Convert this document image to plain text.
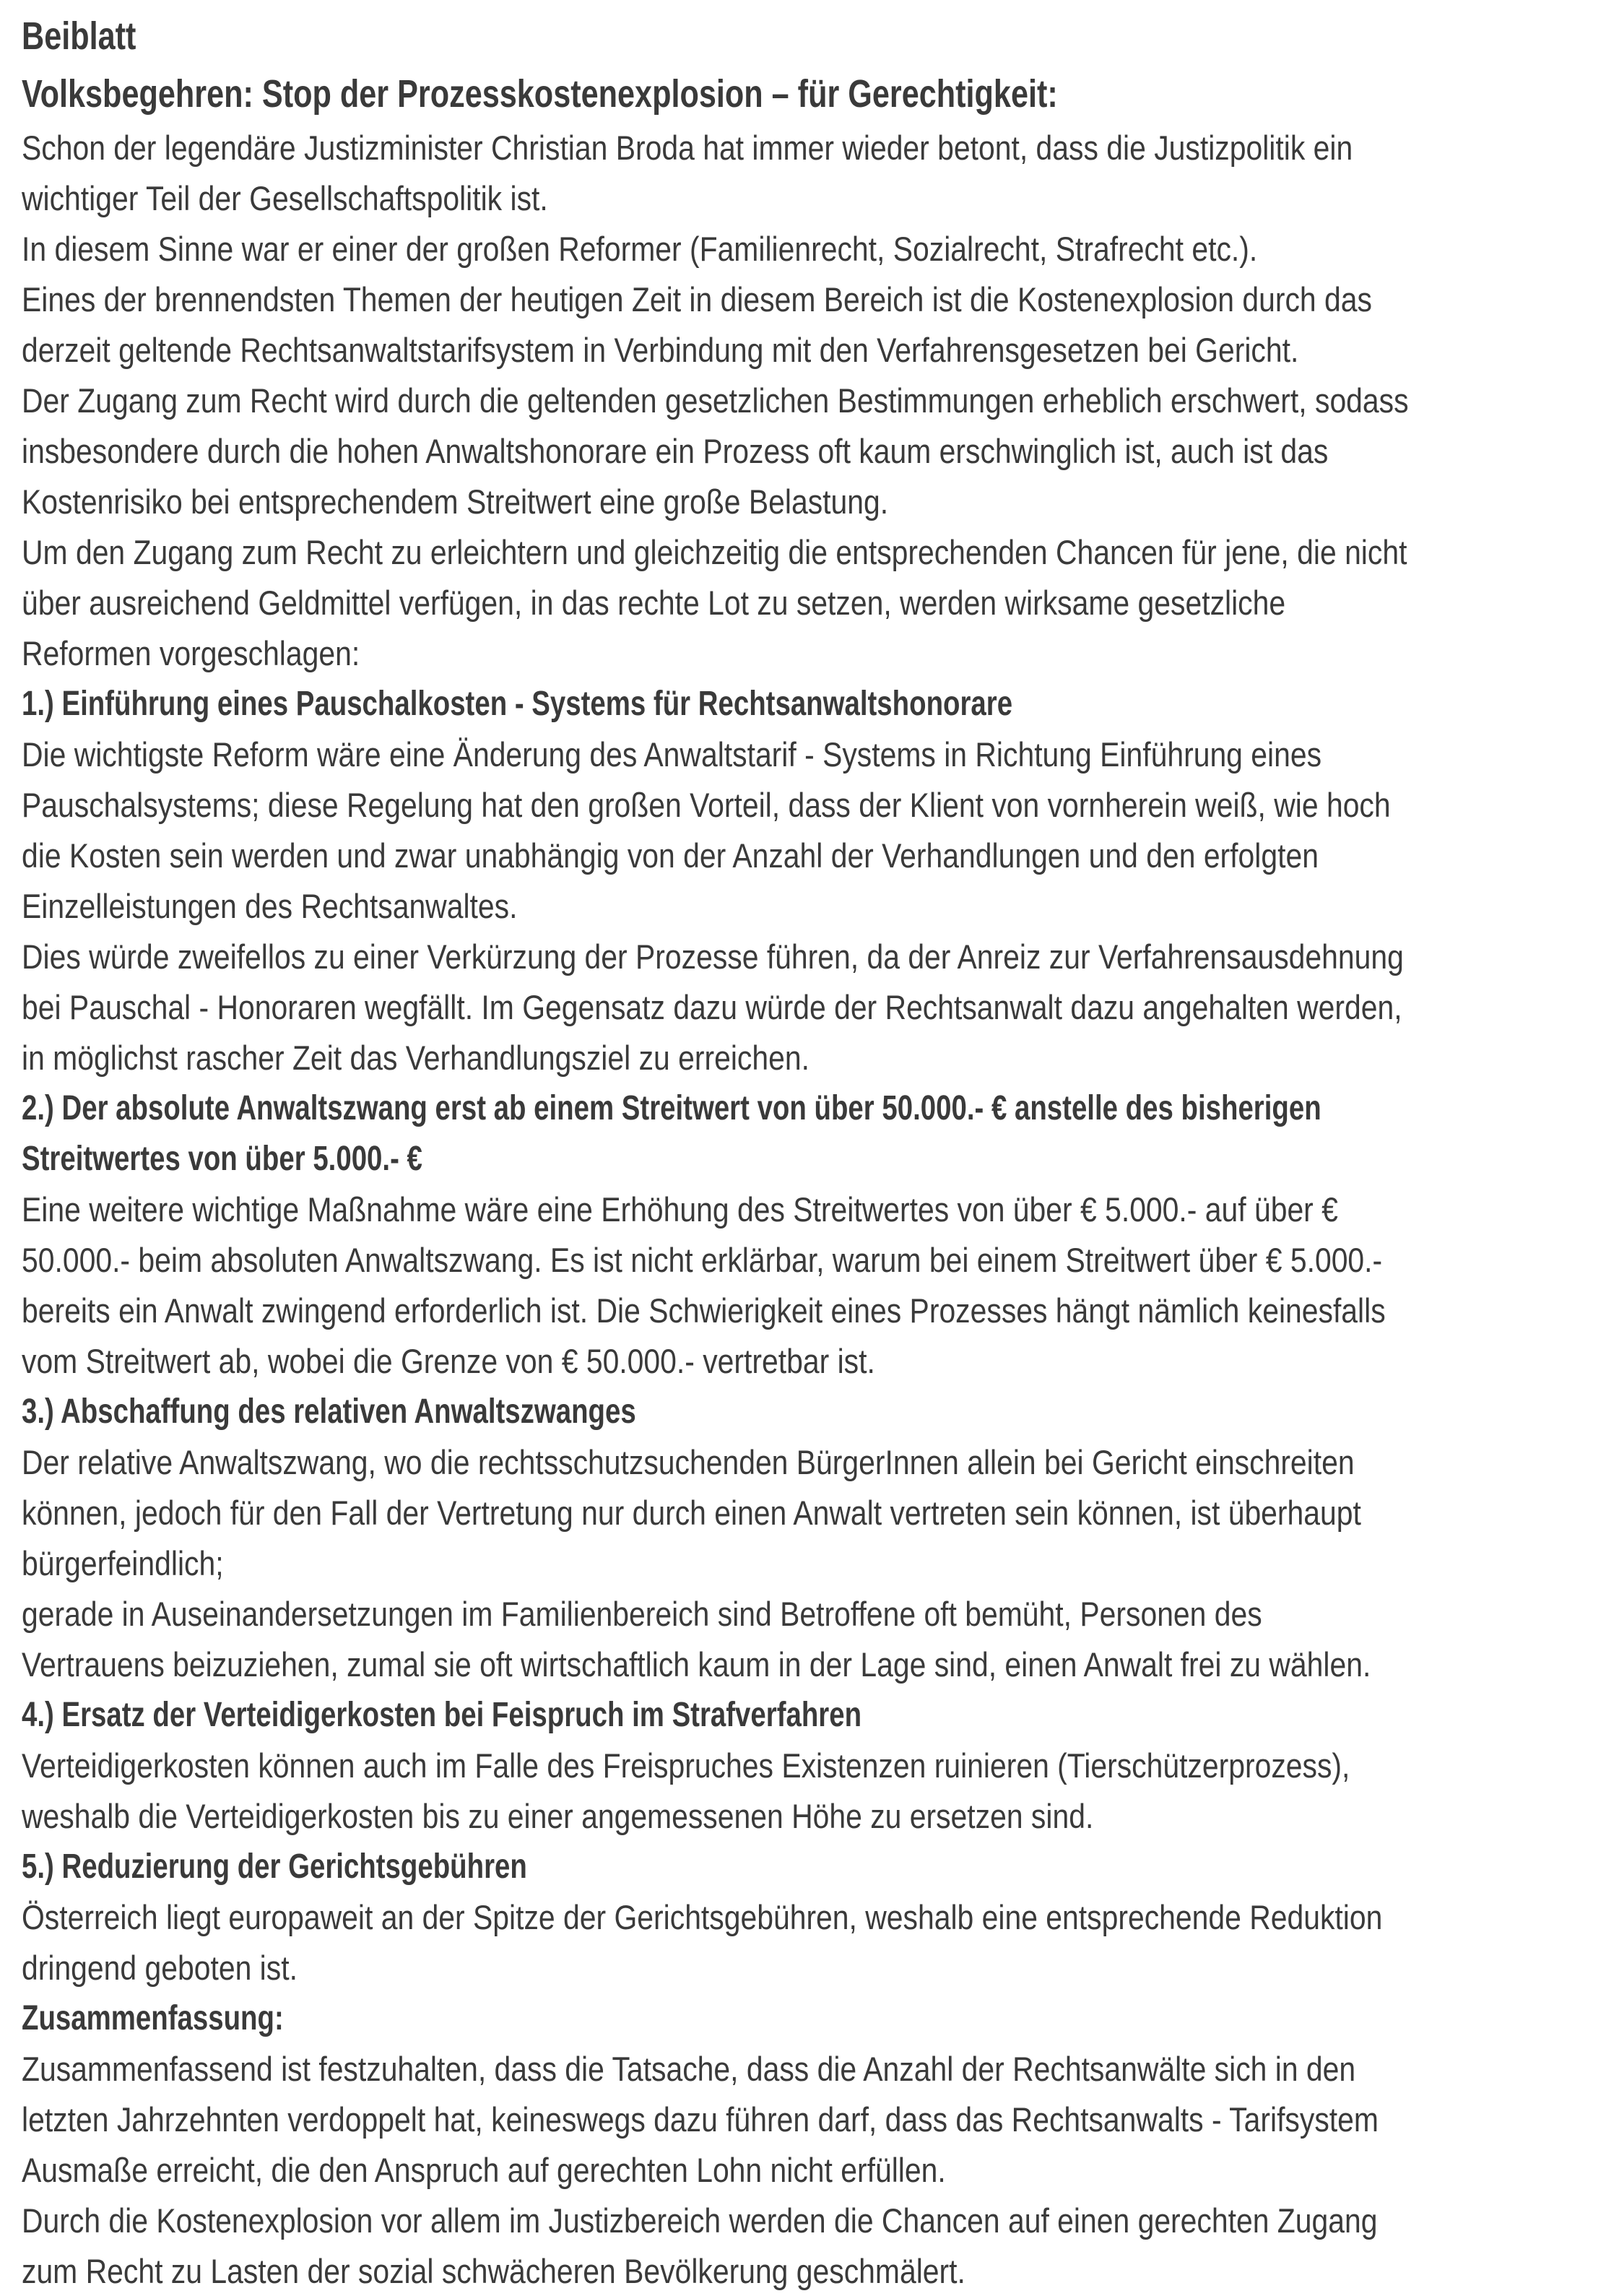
Beiblatt
Volksbegehren: Stop der Prozesskostenexplosion – für Gerechtigkeit:
Schon der legendäre Justizminister Christian Broda hat immer wieder betont, dass die Justizpolitik ein
wichtiger Teil der Gesellschaftspolitik ist.
In diesem Sinne war er einer der großen Reformer (Familienrecht, Sozialrecht, Strafrecht etc.).
Eines der brennendsten Themen der heutigen Zeit in diesem Bereich ist die Kostenexplosion durch das
derzeit geltende Rechtsanwaltstarifsystem in Verbindung mit den Verfahrensgesetzen bei Gericht.
Der Zugang zum Recht wird durch die geltenden gesetzlichen Bestimmungen erheblich erschwert, sodass
insbesondere durch die hohen Anwaltshonorare ein Prozess oft kaum erschwinglich ist, auch ist das
Kostenrisiko bei entsprechendem Streitwert eine große Belastung.
Um den Zugang zum Recht zu erleichtern und gleichzeitig die entsprechenden Chancen für jene, die nicht
über ausreichend Geldmittel verfügen, in das rechte Lot zu setzen, werden wirksame gesetzliche
Reformen vorgeschlagen:
1.) Einführung eines Pauschalkosten - Systems für Rechtsanwaltshonorare
Die wichtigste Reform wäre eine Änderung des Anwaltstarif - Systems in Richtung Einführung eines
Pauschalsystems; diese Regelung hat den großen Vorteil, dass der Klient von vornherein weiß, wie hoch
die Kosten sein werden und zwar unabhängig von der Anzahl der Verhandlungen und den erfolgten
Einzelleistungen des Rechtsanwaltes.
Dies würde zweifellos zu einer Verkürzung der Prozesse führen, da der Anreiz zur Verfahrensausdehnung
bei Pauschal - Honoraren wegfällt. Im Gegensatz dazu würde der Rechtsanwalt dazu angehalten werden,
in möglichst rascher Zeit das Verhandlungsziel zu erreichen.
2.) Der absolute Anwaltszwang erst ab einem Streitwert von über 50.000.- € anstelle des bisherigen
Streitwertes von über 5.000.- €
Eine weitere wichtige Maßnahme wäre eine Erhöhung des Streitwertes von über € 5.000.- auf über €
50.000.- beim absoluten Anwaltszwang. Es ist nicht erklärbar, warum bei einem Streitwert über € 5.000.-
bereits ein Anwalt zwingend erforderlich ist. Die Schwierigkeit eines Prozesses hängt nämlich keinesfalls
vom Streitwert ab, wobei die Grenze von € 50.000.- vertretbar ist.
3.) Abschaffung des relativen Anwaltszwanges
Der relative Anwaltszwang, wo die rechtsschutzsuchenden BürgerInnen allein bei Gericht einschreiten
können, jedoch für den Fall der Vertretung nur durch einen Anwalt vertreten sein können, ist überhaupt
bürgerfeindlich;
gerade in Auseinandersetzungen im Familienbereich sind Betroffene oft bemüht, Personen des
Vertrauens beizuziehen, zumal sie oft wirtschaftlich kaum in der Lage sind, einen Anwalt frei zu wählen.
4.) Ersatz der Verteidigerkosten bei Feispruch im Strafverfahren
Verteidigerkosten können auch im Falle des Freispruches Existenzen ruinieren (Tierschützerprozess),
weshalb die Verteidigerkosten bis zu einer angemessenen Höhe zu ersetzen sind.
5.) Reduzierung der Gerichtsgebühren
Österreich liegt europaweit an der Spitze der Gerichtsgebühren, weshalb eine entsprechende Reduktion
dringend geboten ist.
Zusammenfassung:
Zusammenfassend ist festzuhalten, dass die Tatsache, dass die Anzahl der Rechtsanwälte sich in den
letzten Jahrzehnten verdoppelt hat, keineswegs dazu führen darf, dass das Rechtsanwalts - Tarifsystem
Ausmaße erreicht, die den Anspruch auf gerechten Lohn nicht erfüllen.
Durch die Kostenexplosion vor allem im Justizbereich werden die Chancen auf einen gerechten Zugang
zum Recht zu Lasten der sozial schwächeren Bevölkerung geschmälert.
